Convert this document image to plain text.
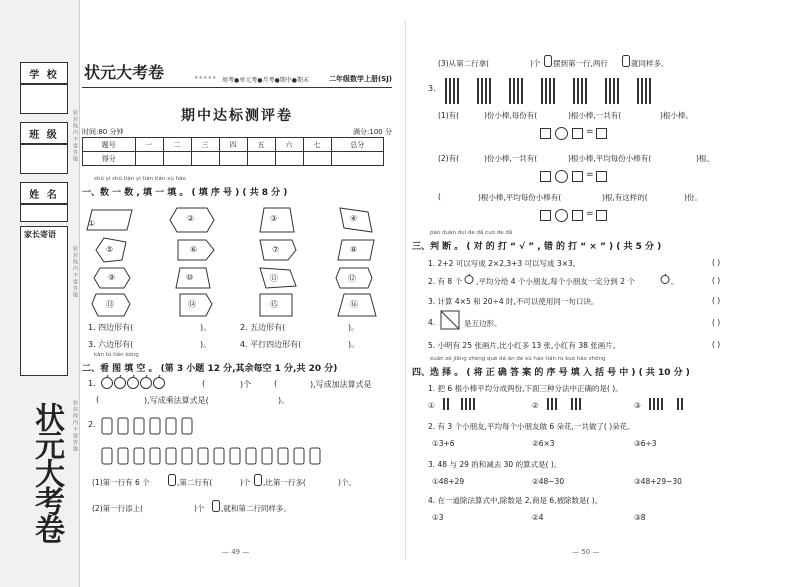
学 校
班 级
姓 名
家长寄语
密 封 线 内 不 要 答 题
密 封 线 内 不 要 答 题
密 封 线 内 不 要 答 题
状元大考卷
状元大考卷	★★★★★ 周考●单元考●月考●期中●期末	二年级数学上册(SJ)
期中达标测评卷
时间:80 分钟	满分:100 分
题号	一	二	三	四	五	六	七	总分
得分								
shǔ yi shǔ tián yi tián tián xù hào
一、数 一 数 , 填 一 填 。 ( 填 序 号 ) ( 共 8 分 )
①
②	③	④
⑤	⑥	⑦	⑧
⑨	⑩	⑪	⑫
⑬	⑭	⑮	⑯
1. 四边形有(	)。	2. 五边形有(	)。
3. 六边形有(	)。	4. 平行四边形有(	)。
kàn tú tián kòng
二、看 图 填 空 。 (第 3 小题 12 分,其余每空 1 分,共 20 分)
1.	(	)个	(	),写成加法算式是
(	),写成乘法算式是(	)。
2.
(1)第一行有 6 个	,第二行有(	)个 ,比第一行多(	)个。
(2)第一行添上(	)个 ,就和第二行同样多。
— 49 —
(3)从第二行拿(	)个 摆到第一行,两行	就同样多。
3.
(1)有(	)份小棒,每份有(	)根小棒,一共有(	)根小棒。
=
(2)有(	)份小棒,一共有(	)根小棒,平均每份小棒有(	)根。
=
(	)根小棒,平均每份小棒有(	)根,有这样的(	)份。
=
pàn duàn duì de dǎ cuò de dǎ
三、判 断 。 ( 对 的 打 “ √ ” , 错 的 打 “ × ” ) ( 共 5 分 )
1. 2+2 可以写成 2×2,3+3 可以写成 3×3。	( )
2. 有 8 个 ,平均分给 4 个小朋友,每个小朋友一定分到 2 个	。	( )
3. 计算 4×5 和 20÷4 时,不可以使用同一句口诀。	( )
4.	是五边形。	( )
5. 小明有 25 张画片,比小红多 13 张,小红有 38 张画片。	( )
xuǎn zé jiāng zhèng què dá àn de xù hào tián rù kuò hào zhōng
四、选 择 。 ( 将 正 确 答 案 的 序 号 填 入 括 号 中 ) ( 共 10 分 )
1. 把 6 根小棒平均分成两份,下面三种分法中正确的是( )。
①	②	③
2. 有 3 个小朋友,平均每个小朋友做 6 朵花,一共做了( )朵花。
①3+6	②6×3	③6÷3
3. 48 与 29 的和减去 30 的算式是( )。
①48+29	②48−30	③48+29−30
4. 在一道除法算式中,除数是 2,商是 6,被除数是( )。
①3	②4	③8
— 50 —
